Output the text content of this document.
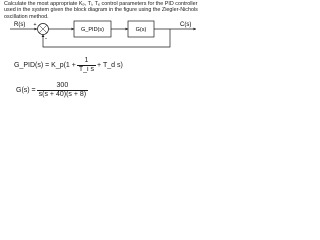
Calculate the most appropriate Kₚ, Tᵢ, Tₑ control parameters for the PID controller used in the system given the block diagram in the figure using the Ziegler-Nichols oscillation method.

R(s) +
-
G_PID(s)	G(s)
C(s)
G_PID(s) = K_p(1 + $\frac{1}{\text{T\_i s}}$ + T_d s)
$G(s) = \frac{300}{s(s + 40)(s + 8)}$
